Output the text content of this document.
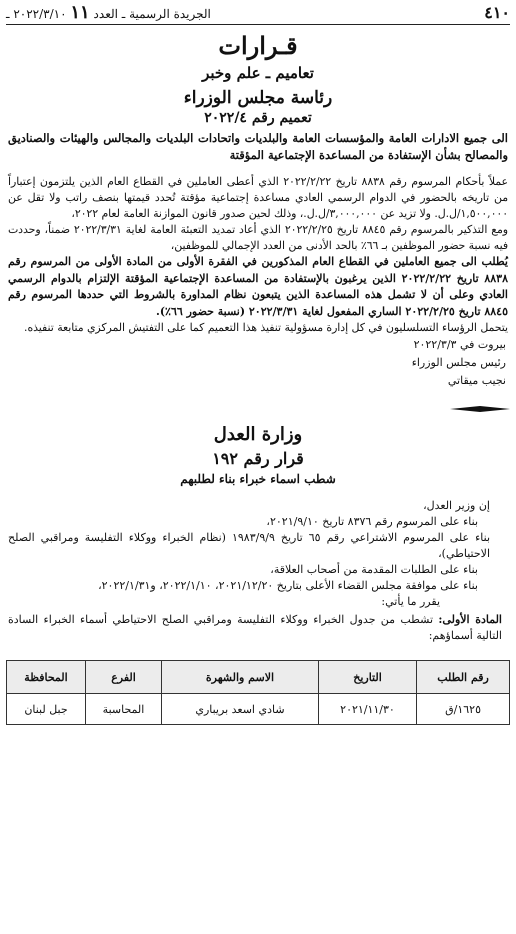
٤١٠
الجريدة الرسمية ـ العدد ١١ ٢٠٢٢/٣/١٠ ـ
قـرارات
تعاميم ـ علم وخبر
رئاسة مجلس الوزراء
تعميم رقم ٢٠٢٢/٤
الى جميع الادارات العامة والمؤسسات العامة والبلديات واتحادات البلديات والمجالس والهيئات والصناديق والمصالح بشأن الإستفادة من المساعدة الإجتماعية المؤقتة
عملاً بأحكام المرسوم رقم ٨٨٣٨ تاريخ ٢٠٢٢/٢/٢٢ الذي أعطى العاملين في القطاع العام الذين يلتزمون إعتباراً من تاريخه بالحضور في الدوام الرسمي العادي مساعدة إجتماعية مؤقتة تُحدد قيمتها بنصف راتب ولا تقل عن ١,٥٠٠,٠٠٠/ل.ل. ولا تزيد عن ٣,٠٠٠,٠٠٠/ل.ل.، وذلك لحين صدور قانون الموازنة العامة لعام ٢٠٢٢،
ومع التذكير بالمرسوم رقم ٨٨٤٥ تاريخ ٢٠٢٢/٢/٢٥ الذي أعاد تمديد التعبئة العامة لغاية ٢٠٢٢/٣/٣١ ضمناً، وحددت فيه نسبة حضور الموظفين بـ ٦٦٪ بالحد الأدنى من العدد الإجمالي للموظفين،
يُطلب الى جميع العاملين في القطاع العام المذكورين في الفقرة الأولى من المادة الأولى من المرسوم رقم ٨٨٣٨ تاريخ ٢٠٢٢/٢/٢٢ الذين يرغبون بالإستفادة من المساعدة الإجتماعية المؤقتة الإلتزام بالدوام الرسمي العادي وعلى أن لا تشمل هذه المساعدة الذين يتبعون نظام المداورة بالشروط التي حددها المرسوم رقم ٨٨٤٥ تاريخ ٢٠٢٢/٢/٢٥ الساري المفعول لغاية ٢٠٢٢/٣/٣١ (نسبة حضور ٦٦٪).
يتحمل الرؤساء التسلسليون في كل إدارة مسؤولية تنفيذ هذا التعميم كما على التفتيش المركزي متابعة تنفيذه.
بيروت في ٢٠٢٢/٣/٣
رئيس مجلس الوزراء
نجيب ميقاتي
وزارة العدل
قرار رقم ١٩٢
شطب اسماء خبراء بناء لطلبهم
إن وزير العدل،
بناء على المرسوم رقم ٨٣٧٦ تاريخ ٢٠٢١/٩/١٠،
بناء على المرسوم الاشتراعي رقم ٦٥ تاريخ ١٩٨٣/٩/٩ (نظام الخبراء ووكلاء التفليسة ومراقبي الصلح الاحتياطي)،
بناء على الطلبات المقدمة من أصحاب العلاقة،
بناء على موافقة مجلس القضاء الأعلى بتاريخ ٢٠٢١/١٢/٢٠، ٢٠٢٢/١/١٠، و٢٠٢٢/١/٣١،
يقرر ما يأتي:
المادة الأولى: تشطب من جدول الخبراء ووكلاء التفليسة ومراقبي الصلح الاحتياطي أسماء الخبراء السادة التالية أسماؤهم:
رقم الطلب	التاريخ	الاسم والشهرة	الفرع	المحافظة
١٦٢٥/ق	٢٠٢١/١١/٣٠	شادي اسعد بريباري	المحاسبة	جبل لبنان
